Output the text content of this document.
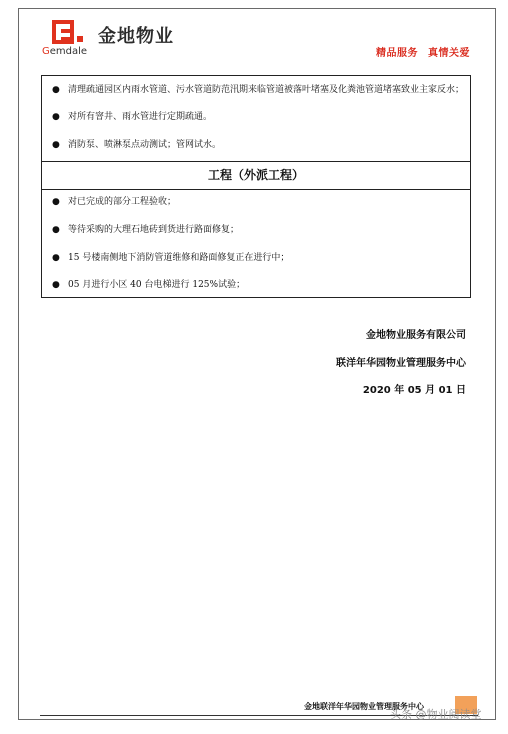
金地物业
Gemdale	精品服务 真情关爱
● 清理疏通园区内雨水管道、污水管道防范汛期来临管道被落叶堵塞及化粪池管道堵塞致业主家反水；
● 对所有窨井、雨水管进行定期疏通。
● 消防泵、喷淋泵点动测试；管网试水。
工程（外派工程）
● 对已完成的部分工程验收；
● 等待采购的大理石地砖到货进行路面修复；
● 15 号楼南侧地下消防管道维修和路面修复正在进行中；
● 05 月进行小区 40 台电梯进行 125%试验；
金地物业服务有限公司
联洋年华园物业管理服务中心
2020 年 05 月 01 日
金地联洋年华园物业管理服务中心
头条 @物业阅读堂
